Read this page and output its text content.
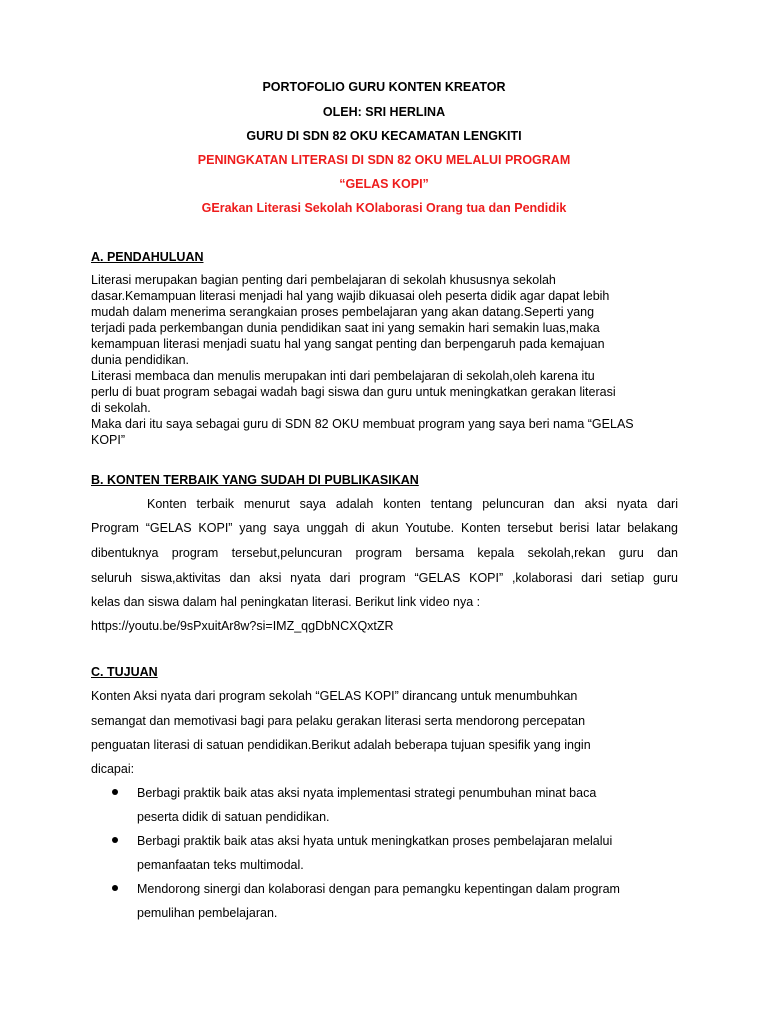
PORTOFOLIO GURU KONTEN KREATOR
OLEH: SRI HERLINA
GURU DI SDN 82 OKU KECAMATAN LENGKITI
PENINGKATAN LITERASI DI SDN 82 OKU MELALUI PROGRAM
“GELAS KOPI”
GErakan Literasi Sekolah KOlaborasi Orang tua dan Pendidik
A. PENDAHULUAN
Literasi merupakan bagian penting dari pembelajaran di sekolah khususnya sekolah
dasar.Kemampuan literasi menjadi hal yang wajib dikuasai oleh peserta didik agar dapat lebih
mudah dalam menerima serangkaian proses pembelajaran yang akan datang.Seperti yang
terjadi pada perkembangan dunia pendidikan saat ini yang semakin hari semakin luas,maka
kemampuan literasi menjadi suatu hal yang sangat penting dan berpengaruh pada kemajuan
dunia pendidikan.
Literasi membaca dan menulis merupakan inti dari pembelajaran di sekolah,oleh karena itu
perlu di buat program sebagai wadah bagi siswa dan guru untuk meningkatkan gerakan literasi
di sekolah.
Maka dari itu saya sebagai guru di SDN 82 OKU membuat program yang saya beri nama “GELAS
KOPI”
B. KONTEN TERBAIK YANG SUDAH DI PUBLIKASIKAN
Konten terbaik menurut saya adalah konten tentang peluncuran dan aksi nyata dari
Program “GELAS KOPI” yang saya unggah di akun Youtube. Konten tersebut berisi latar belakang
dibentuknya program tersebut,peluncuran program bersama kepala sekolah,rekan guru dan
seluruh siswa,aktivitas dan aksi nyata dari program “GELAS KOPI” ,kolaborasi dari setiap guru
kelas dan siswa dalam hal peningkatan literasi. Berikut link video nya :
https://youtu.be/9sPxuitAr8w?si=IMZ_qgDbNCXQxtZR
C. TUJUAN
Konten Aksi nyata dari program sekolah “GELAS KOPI” dirancang untuk menumbuhkan
semangat dan memotivasi bagi para pelaku gerakan literasi serta mendorong percepatan
penguatan literasi di satuan pendidikan.Berikut adalah beberapa tujuan spesifik yang ingin
dicapai:
Berbagi praktik baik atas aksi nyata implementasi strategi penumbuhan minat baca
peserta didik di satuan pendidikan.
Berbagi praktik baik atas aksi hyata untuk meningkatkan proses pembelajaran melalui
pemanfaatan teks multimodal.
Mendorong sinergi dan kolaborasi dengan para pemangku kepentingan dalam program
pemulihan pembelajaran.
